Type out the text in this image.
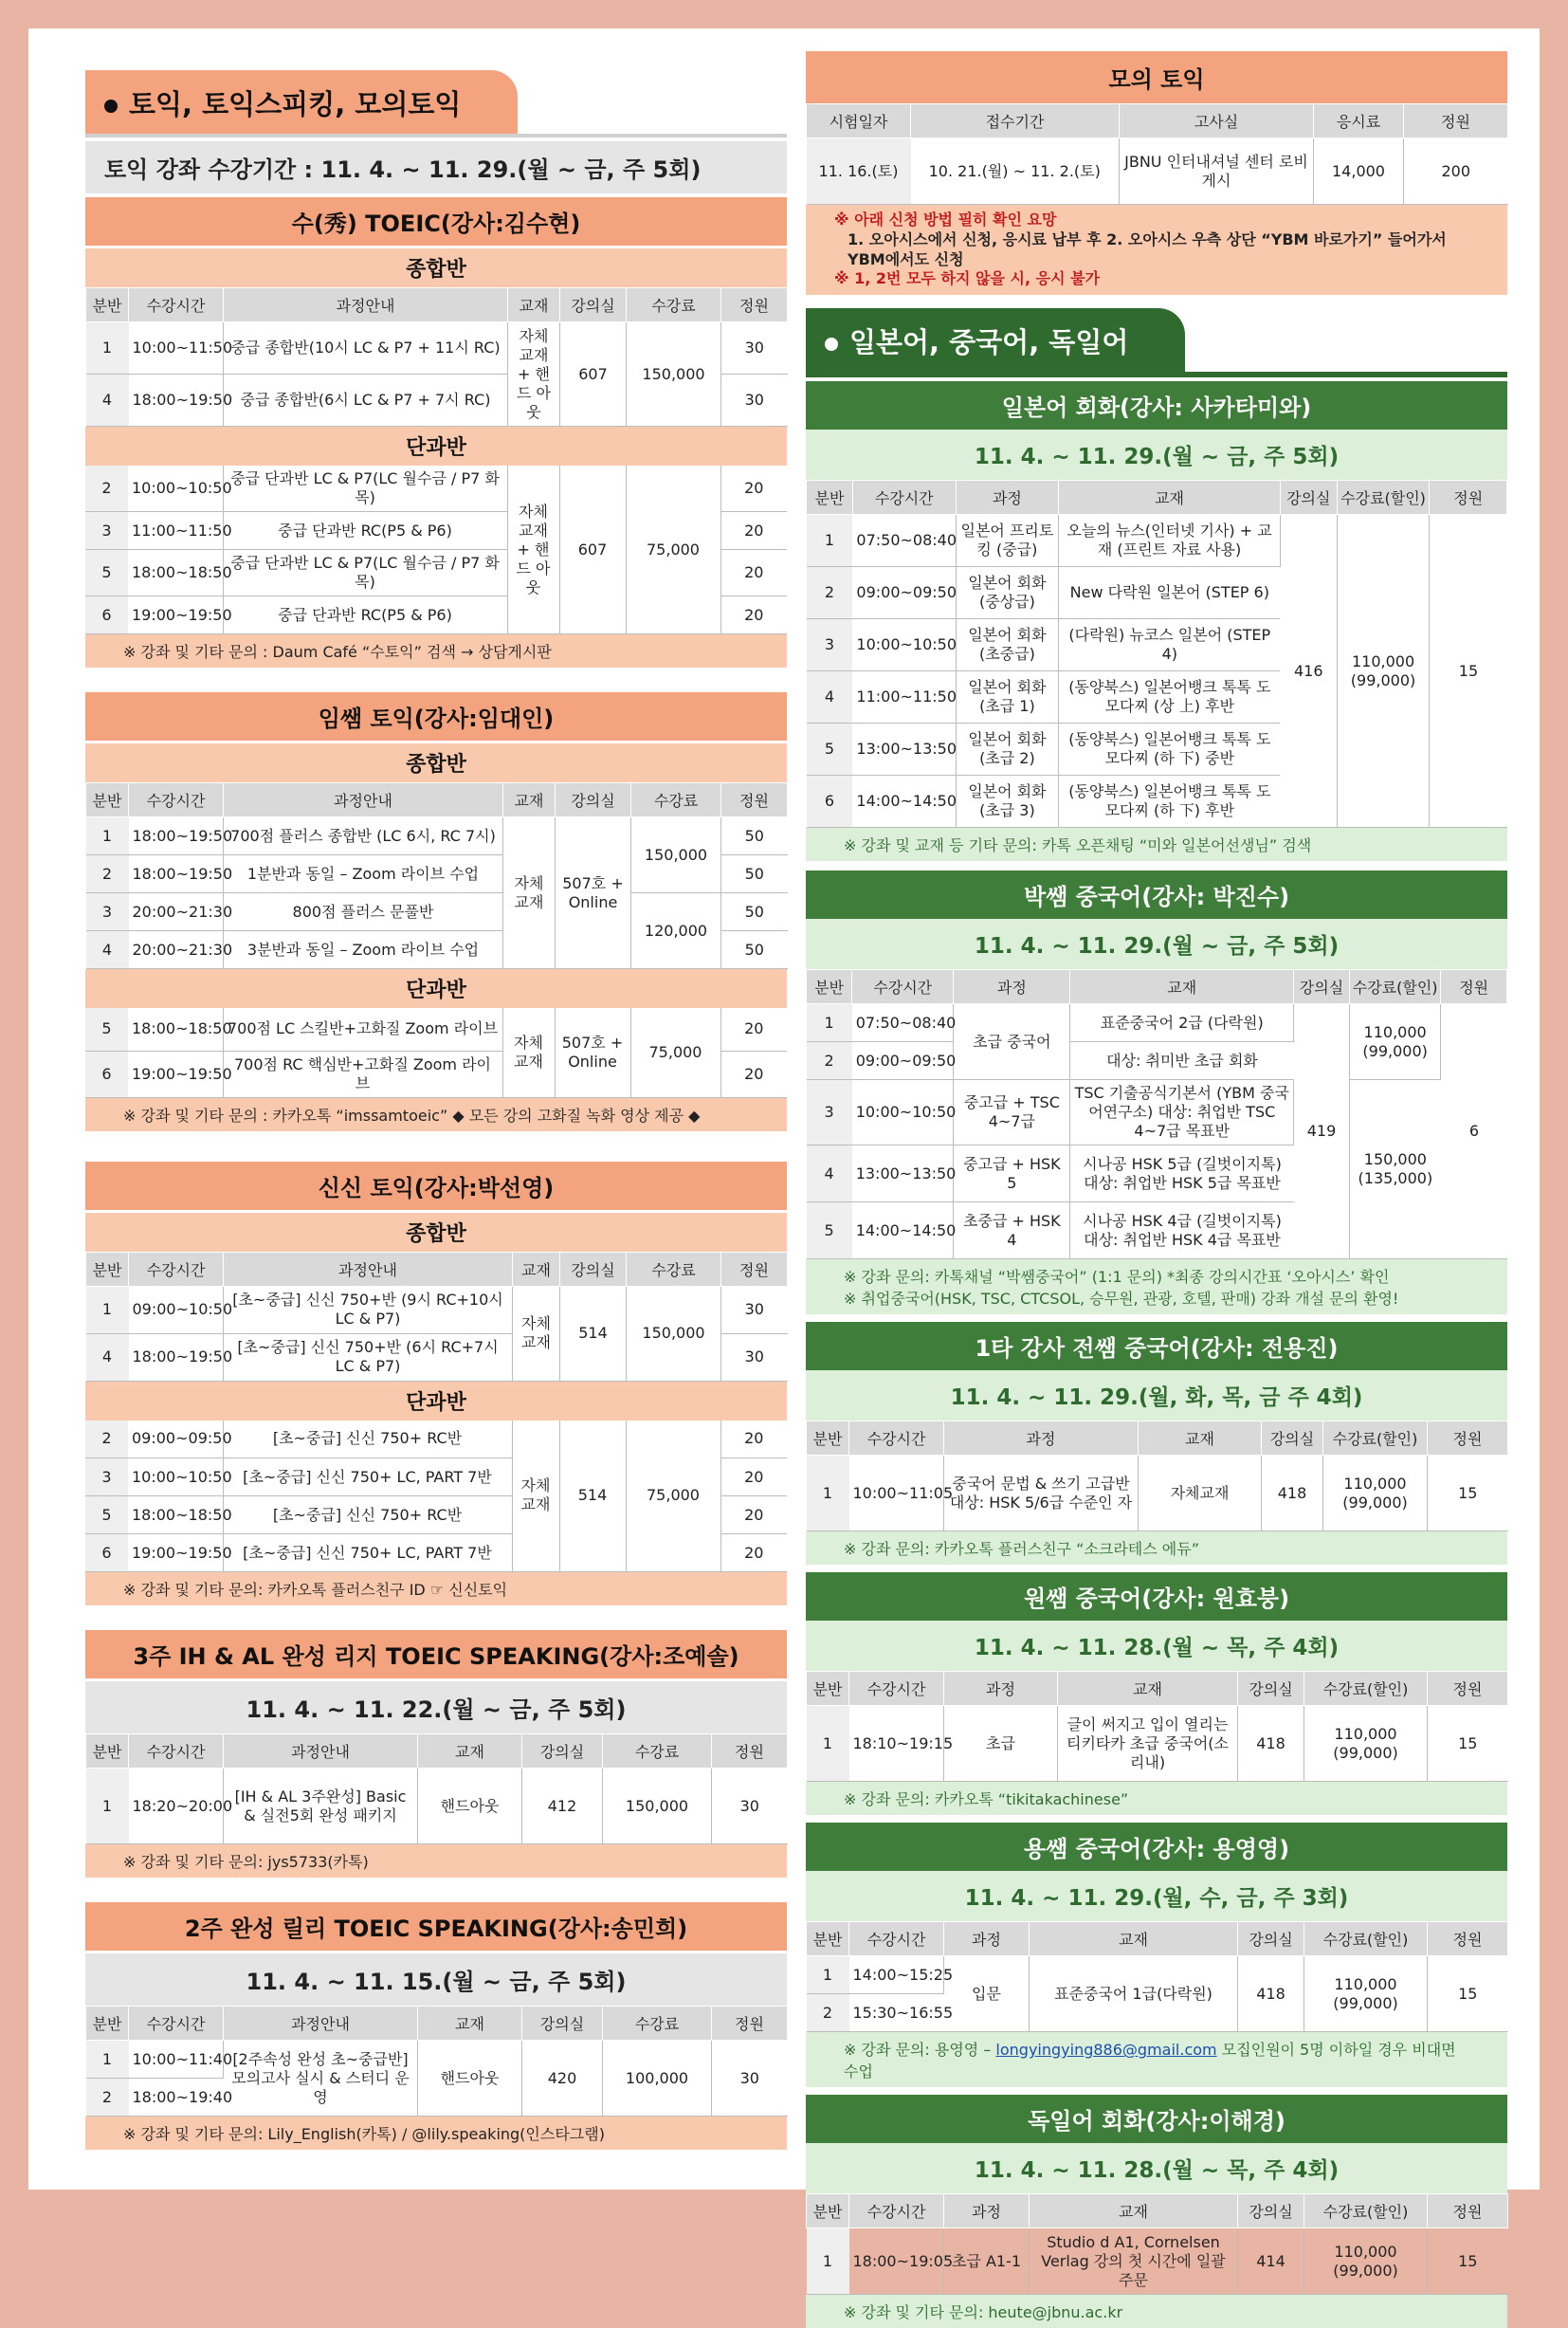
토익, 토익스피킹, 모의토익
토익 강좌 수강기간 : 11. 4. ~ 11. 29.(월 ~ 금, 주 5회)
수(秀) TOEIC(강사:김수현)
종합반
분반	수강시간	과정안내	교재	강의실	수강료	정원
1	10:00~11:50	중급 종합반(10시 LC & P7 + 11시 RC)	자체 교재 + 핸드 아웃	607	150,000	30
4	18:00~19:50	중급 종합반(6시 LC & P7 + 7시 RC)				30
단과반
2	10:00~10:50	중급 단과반 LC & P7(LC 월수금 / P7 화목)	자체 교재 + 핸드 아웃	607	75,000	20
3	11:00~11:50	중급 단과반 RC(P5 & P6)				20
5	18:00~18:50	중급 단과반 LC & P7(LC 월수금 / P7 화목)				20
6	19:00~19:50	중급 단과반 RC(P5 & P6)				20
※ 강좌 및 기타 문의 : Daum Café “수토익” 검색 → 상담게시판
임쌤 토익(강사:임대인)
종합반
분반	수강시간	과정안내	교재	강의실	수강료	정원
1	18:00~19:50	700점 플러스 종합반 (LC 6시, RC 7시)	자체 교재	507호 + Online	150,000	50
2	18:00~19:50	1분반과 동일 – Zoom 라이브 수업				50
3	20:00~21:30	800점 플러스 문풀반			120,000	50
4	20:00~21:30	3분반과 동일 – Zoom 라이브 수업				50
단과반
5	18:00~18:50	700점 LC 스킬반+고화질 Zoom 라이브	자체 교재	507호 + Online	75,000	20
6	19:00~19:50	700점 RC 핵심반+고화질 Zoom 라이브				20
※ 강좌 및 기타 문의 : 카카오톡 “imssamtoeic” ◆ 모든 강의 고화질 녹화 영상 제공 ◆
신신 토익(강사:박선영)
종합반
분반	수강시간	과정안내	교재	강의실	수강료	정원
1	09:00~10:50	[초~중급] 신신 750+반 (9시 RC+10시 LC & P7)	자체 교재	514	150,000	30
4	18:00~19:50	[초~중급] 신신 750+반 (6시 RC+7시 LC & P7)				30
단과반
2	09:00~09:50	[초~중급] 신신 750+ RC반	자체 교재	514	75,000	20
3	10:00~10:50	[초~중급] 신신 750+ LC, PART 7반				20
5	18:00~18:50	[초~중급] 신신 750+ RC반				20
6	19:00~19:50	[초~중급] 신신 750+ LC, PART 7반				20
※ 강좌 및 기타 문의: 카카오톡 플러스친구 ID ☞ 신신토익
3주 IH & AL 완성 리지 TOEIC SPEAKING(강사:조예솔)
11. 4. ~ 11. 22.(월 ~ 금, 주 5회)
분반	수강시간	과정안내	교재	강의실	수강료	정원
1	18:20~20:00	[IH & AL 3주완성] Basic & 실전5회 완성 패키지	핸드아웃	412	150,000	30
※ 강좌 및 기타 문의: jys5733(카톡)
2주 완성 릴리 TOEIC SPEAKING(강사:송민희)
11. 4. ~ 11. 15.(월 ~ 금, 주 5회)
분반	수강시간	과정안내	교재	강의실	수강료	정원
1	10:00~11:40	[2주속성 완성 초~중급반] 모의고사 실시 & 스터디 운영	핸드아웃	420	100,000	30
2	18:00~19:40					
※ 강좌 및 기타 문의: Lily_English(카톡) / @lily.speaking(인스타그램)
모의 토익
시험일자	접수기간	고사실	응시료	정원
11. 16.(토)	10. 21.(월) ~ 11. 2.(토)	JBNU 인터내셔널 센터 로비 게시	14,000	200
※ 아래 신청 방법 필히 확인 요망
1. 오아시스에서 신청, 응시료 납부 후 2. 오아시스 우측 상단 “YBM 바로가기” 들어가서 YBM에서도 신청
※ 1, 2번 모두 하지 않을 시, 응시 불가
일본어, 중국어, 독일어
일본어 회화(강사: 사카타미와)
11. 4. ~ 11. 29.(월 ~ 금, 주 5회)
분반	수강시간	과정	교재	강의실	수강료(할인)	정원
1	07:50~08:40	일본어 프리토킹 (중급)	오늘의 뉴스(인터넷 기사) + 교재 (프린트 자료 사용)	416	110,000 (99,000)	15
2	09:00~09:50	일본어 회화 (중상급)	New 다락원 일본어 (STEP 6)			
3	10:00~10:50	일본어 회화 (초중급)	(다락원) 뉴코스 일본어 (STEP 4)			
4	11:00~11:50	일본어 회화 (초급 1)	(동양북스) 일본어뱅크 톡톡 도모다찌 (상 上) 후반			
5	13:00~13:50	일본어 회화 (초급 2)	(동양북스) 일본어뱅크 톡톡 도모다찌 (하 下) 중반			
6	14:00~14:50	일본어 회화 (초급 3)	(동양북스) 일본어뱅크 톡톡 도모다찌 (하 下) 후반			
※ 강좌 및 교재 등 기타 문의: 카톡 오픈채팅 “미와 일본어선생님” 검색
박쌤 중국어(강사: 박진수)
11. 4. ~ 11. 29.(월 ~ 금, 주 5회)
분반	수강시간	과정	교재	강의실	수강료(할인)	정원
1	07:50~08:40	초급 중국어	표준중국어 2급 (다락원)	419	110,000 (99,000)	6
2	09:00~09:50		대상: 취미반 초급 회화			
3	10:00~10:50	중고급 + TSC 4~7급	TSC 기출공식기본서 (YBM 중국어연구소) 대상: 취업반 TSC 4~7급 목표반		150,000 (135,000)	
4	13:00~13:50	중고급 + HSK 5	시나공 HSK 5급 (길벗이지톡)
대상: 취업반 HSK 5급 목표반			

5	14:00~14:50	초중급 + HSK 4	시나공 HSK 4급 (길벗이지톡)
대상: 취업반 HSK 4급 목표반			
※ 강좌 문의: 카톡채널 “박쌤중국어” (1:1 문의) *최종 강의시간표 ‘오아시스’ 확인
※ 취업중국어(HSK, TSC, CTCSOL, 승무원, 관광, 호텔, 판매) 강좌 개설 문의 환영!
1타 강사 전쌤 중국어(강사: 전용진)
11. 4. ~ 11. 29.(월, 화, 목, 금 주 4회)
분반	수강시간	과정	교재	강의실	수강료(할인)	정원
1	10:00~11:05	중국어 문법 & 쓰기 고급반 대상: HSK 5/6급 수준인 자	자체교재	418	110,000 (99,000)	15
※ 강좌 문의: 카카오톡 플러스친구 “소크라테스 에듀”
원쌤 중국어(강사: 원효붕)
11. 4. ~ 11. 28.(월 ~ 목, 주 4회)
분반	수강시간	과정	교재	강의실	수강료(할인)	정원
1	18:10~19:15	초급	글이 써지고 입이 열리는 티키타카 초급 중국어(소리내)	418	110,000 (99,000)	15
※ 강좌 문의: 카카오톡 “tikitakachinese”
용쌤 중국어(강사: 용영영)
11. 4. ~ 11. 29.(월, 수, 금, 주 3회)
분반	수강시간	과정	교재	강의실	수강료(할인)	정원
1	14:00~15:25	입문	표준중국어 1급(다락원)	418	110,000 (99,000)	15
2	15:30~16:55					
※ 강좌 문의: 용영영 – longyingying886@gmail.com 모집인원이 5명 이하일 경우 비대면 수업
독일어 회화(강사:이해경)
11. 4. ~ 11. 28.(월 ~ 목, 주 4회)
분반	수강시간	과정	교재	강의실	수강료(할인)	정원
1	18:00~19:05	초급 A1-1	Studio d A1, Cornelsen Verlag 강의 첫 시간에 일괄 주문	414	110,000 (99,000)	15
※ 강좌 및 기타 문의: heute@jbnu.ac.kr
